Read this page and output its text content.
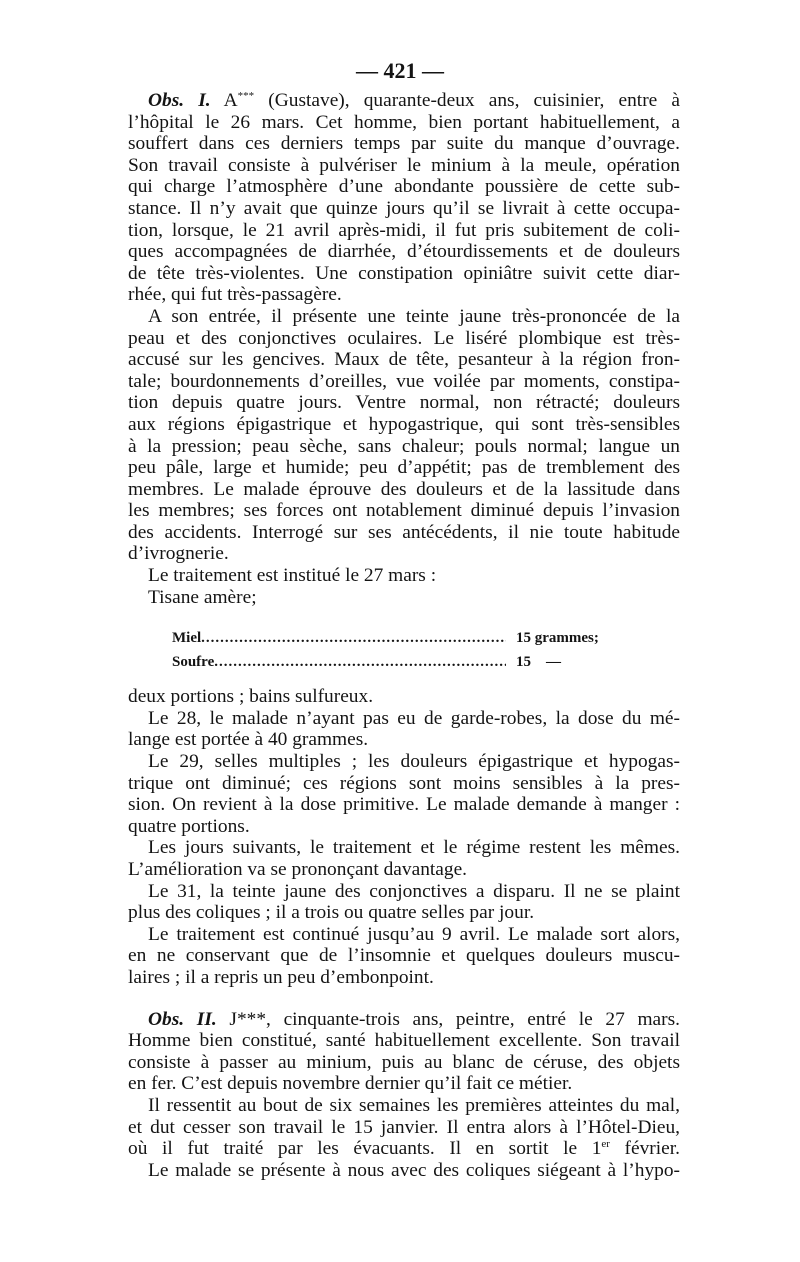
— 421 —
Obs. I. A*** (Gustave), quarante-deux ans, cuisinier, entre à
l’hôpital le 26 mars. Cet homme, bien portant habituellement, a
souffert dans ces derniers temps par suite du manque d’ouvrage.
Son travail consiste à pulvériser le minium à la meule, opération
qui charge l’atmosphère d’une abondante poussière de cette sub-
stance. Il n’y avait que quinze jours qu’il se livrait à cette occupa-
tion, lorsque, le 21 avril après-midi, il fut pris subitement de coli-
ques accompagnées de diarrhée, d’étourdissements et de douleurs
de tête très-violentes. Une constipation opiniâtre suivit cette diar-
rhée, qui fut très-passagère.
A son entrée, il présente une teinte jaune très-prononcée de la
peau et des conjonctives oculaires. Le liséré plombique est très-
accusé sur les gencives. Maux de tête, pesanteur à la région fron-
tale; bourdonnements d’oreilles, vue voilée par moments, constipa-
tion depuis quatre jours. Ventre normal, non rétracté; douleurs
aux régions épigastrique et hypogastrique, qui sont très-sensibles
à la pression; peau sèche, sans chaleur; pouls normal; langue un
peu pâle, large et humide; peu d’appétit; pas de tremblement des
membres. Le malade éprouve des douleurs et de la lassitude dans
les membres; ses forces ont notablement diminué depuis l’invasion
des accidents. Interrogé sur ses antécédents, il nie toute habitude
d’ivrognerie.
Le traitement est institué le 27 mars :
Tisane amère;
Miel .....	15 grammes;
Soufre .....	15    —
deux portions ; bains sulfureux.
Le 28, le malade n’ayant pas eu de garde-robes, la dose du mé-
lange est portée à 40 grammes.
Le 29, selles multiples ; les douleurs épigastrique et hypogas-
trique ont diminué; ces régions sont moins sensibles à la pres-
sion. On revient à la dose primitive. Le malade demande à manger :
quatre portions.
Les jours suivants, le traitement et le régime restent les mêmes.
L’amélioration va se prononçant davantage.
Le 31, la teinte jaune des conjonctives a disparu. Il ne se plaint
plus des coliques ; il a trois ou quatre selles par jour.
Le traitement est continué jusqu’au 9 avril. Le malade sort alors,
en ne conservant que de l’insomnie et quelques douleurs muscu-
laires ; il a repris un peu d’embonpoint.
Obs. II. J***, cinquante-trois ans, peintre, entré le 27 mars.
Homme bien constitué, santé habituellement excellente. Son travail
consiste à passer au minium, puis au blanc de céruse, des objets
en fer. C’est depuis novembre dernier qu’il fait ce métier.
Il ressentit au bout de six semaines les premières atteintes du mal,
et dut cesser son travail le 15 janvier. Il entra alors à l’Hôtel-Dieu,
où il fut traité par les évacuants. Il en sortit le 1er février.
Le malade se présente à nous avec des coliques siégeant à l’hypo-
